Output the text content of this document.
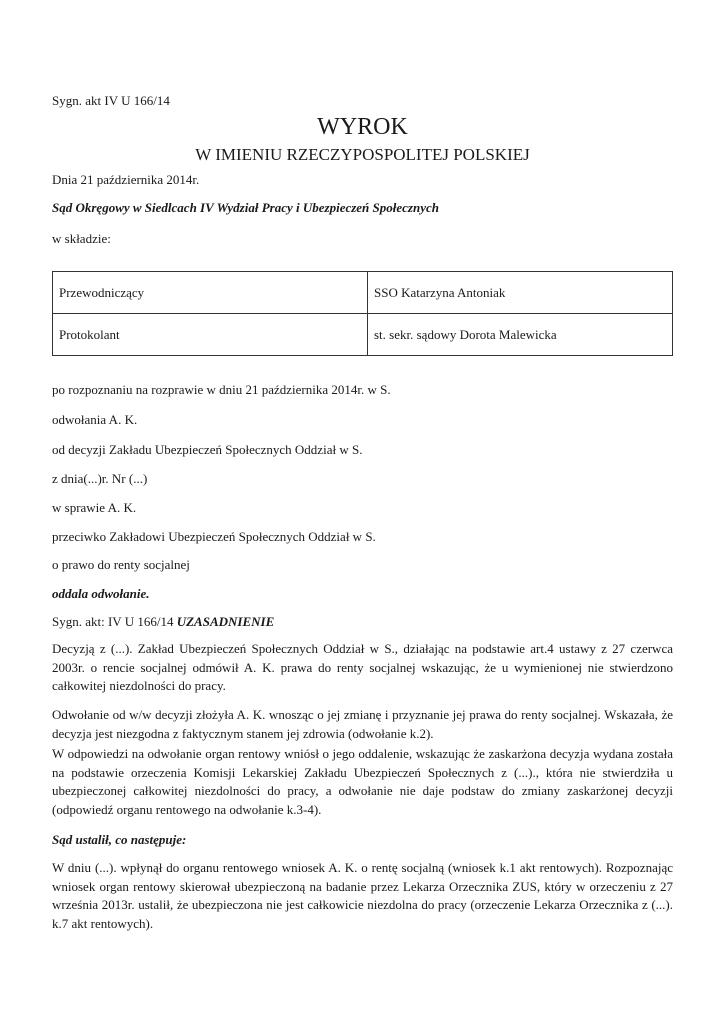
Sygn. akt IV U 166/14
WYROK
W IMIENIU RZECZYPOSPOLITEJ POLSKIEJ
Dnia 21 października 2014r.
Sąd Okręgowy w Siedlcach IV Wydział Pracy i Ubezpieczeń Społecznych
w składzie:
Przewodniczący	SSO Katarzyna Antoniak
Protokolant	st. sekr. sądowy Dorota Malewicka
po rozpoznaniu na rozprawie w dniu 21 października 2014r. w S.
odwołania A. K.
od decyzji Zakładu Ubezpieczeń Społecznych Oddział w S.
z dnia(...)r. Nr (...)
w sprawie A. K.
przeciwko Zakładowi Ubezpieczeń Społecznych Oddział w S.
o prawo do renty socjalnej
oddala odwołanie.
Sygn. akt: IV U 166/14 UZASADNIENIE
Decyzją z (...). Zakład Ubezpieczeń Społecznych Oddział w S., działając na podstawie art.4 ustawy z 27 czerwca 2003r. o rencie socjalnej odmówił A. K. prawa do renty socjalnej wskazując, że u wymienionej nie stwierdzono całkowitej niezdolności do pracy.
Odwołanie od w/w decyzji złożyła A. K. wnosząc o jej zmianę i przyznanie jej prawa do renty socjalnej. Wskazała, że decyzja jest niezgodna z faktycznym stanem jej zdrowia (odwołanie k.2).
W odpowiedzi na odwołanie organ rentowy wniósł o jego oddalenie, wskazując że zaskarżona decyzja wydana została na podstawie orzeczenia Komisji Lekarskiej Zakładu Ubezpieczeń Społecznych z (...)., która nie stwierdziła u ubezpieczonej całkowitej niezdolności do pracy, a odwołanie nie daje podstaw do zmiany zaskarżonej decyzji (odpowiedź organu rentowego na odwołanie k.3-4).
Sąd ustalił, co następuje:
W dniu (...). wpłynął do organu rentowego wniosek A. K. o rentę socjalną (wniosek k.1 akt rentowych). Rozpoznając wniosek organ rentowy skierował ubezpieczoną na badanie przez Lekarza Orzecznika ZUS, który w orzeczeniu z 27 września 2013r. ustalił, że ubezpieczona nie jest całkowicie niezdolna do pracy (orzeczenie Lekarza Orzecznika z (...). k.7 akt rentowych).
